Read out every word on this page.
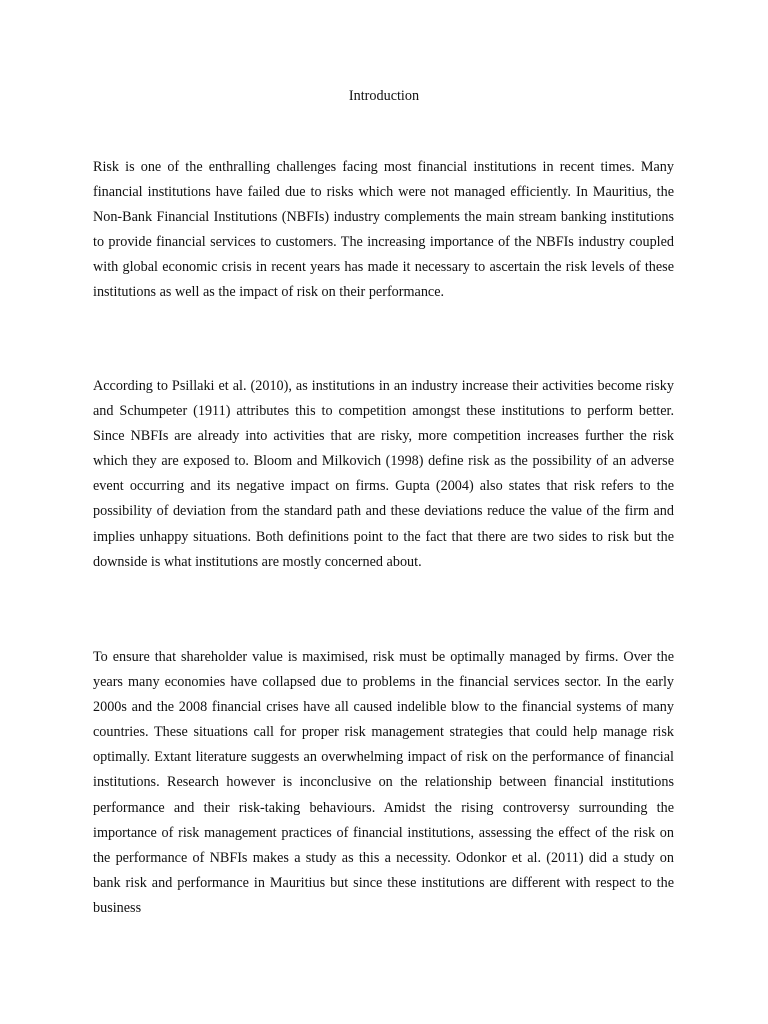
Introduction

Risk is one of the enthralling challenges facing most financial institutions in recent times. Many financial institutions have failed due to risks which were not managed efficiently. In Mauritius, the Non-Bank Financial Institutions (NBFIs) industry complements the main stream banking institutions to provide financial services to customers. The increasing importance of the NBFIs industry coupled with global economic crisis in recent years has made it necessary to ascertain the risk levels of these institutions as well as the impact of risk on their performance.

According to Psillaki et al. (2010), as institutions in an industry increase their activities become risky and Schumpeter (1911) attributes this to competition amongst these institutions to perform better. Since NBFIs are already into activities that are risky, more competition increases further the risk which they are exposed to. Bloom and Milkovich (1998) define risk as the possibility of an adverse event occurring and its negative impact on firms. Gupta (2004) also states that risk refers to the possibility of deviation from the standard path and these deviations reduce the value of the firm and implies unhappy situations. Both definitions point to the fact that there are two sides to risk but the downside is what institutions are mostly concerned about.

To ensure that shareholder value is maximised, risk must be optimally managed by firms. Over the years many economies have collapsed due to problems in the financial services sector. In the early 2000s and the 2008 financial crises have all caused indelible blow to the financial systems of many countries. These situations call for proper risk management strategies that could help manage risk optimally. Extant literature suggests an overwhelming impact of risk on the performance of financial institutions. Research however is inconclusive on the relationship between financial institutions performance and their risk-taking behaviours. Amidst the rising controversy surrounding the importance of risk management practices of financial institutions, assessing the effect of the risk on the performance of NBFIs makes a study as this a necessity. Odonkor et al. (2011) did a study on bank risk and performance in Mauritius but since these institutions are different with respect to the business
